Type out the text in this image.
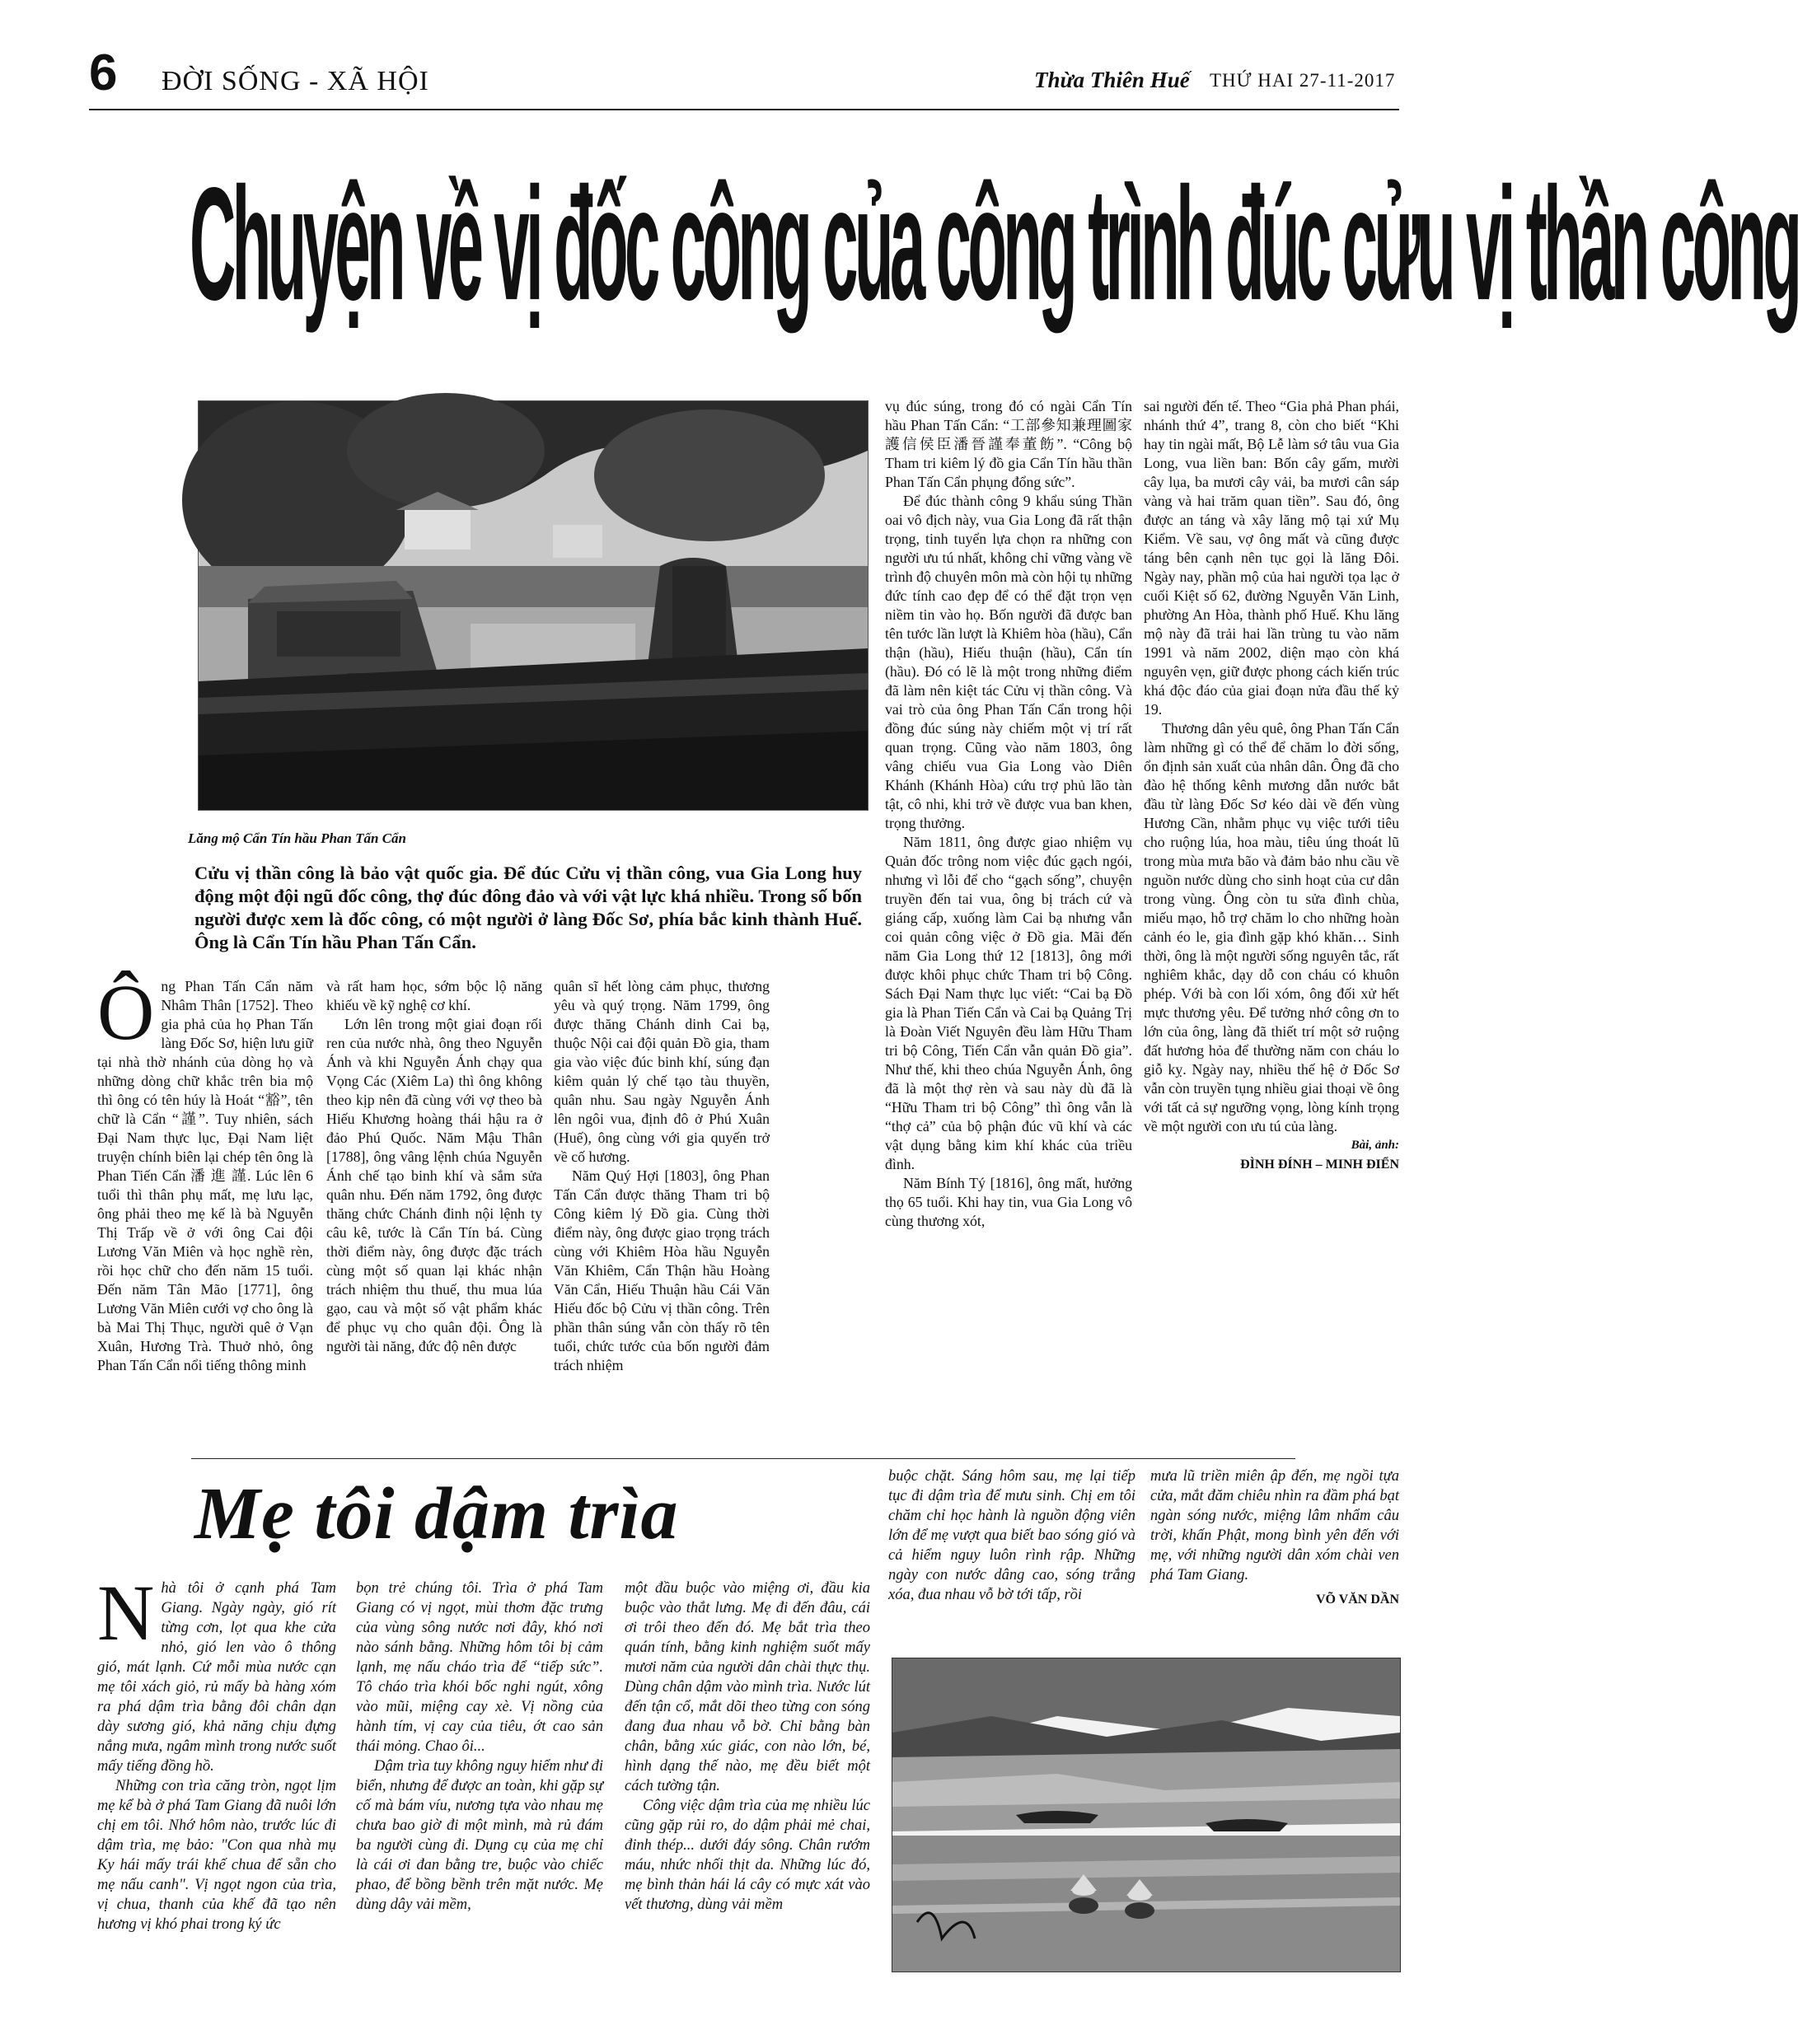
6 ĐỜI SỐNG - XÃ HỘI	Thừa Thiên Huế THỨ HAI 27-11-2017
Chuyện về vị đốc công của công trình đúc cửu vị thần công
Lăng mộ Cẩn Tín hầu Phan Tấn Cẩn
Cửu vị thần công là bảo vật quốc gia. Để đúc Cửu vị thần công, vua Gia Long huy động một đội ngũ đốc công, thợ đúc đông đảo và với vật lực khá nhiều. Trong số bốn người được xem là đốc công, có một người ở làng Đốc Sơ, phía bắc kinh thành Huế. Ông là Cẩn Tín hầu Phan Tấn Cẩn.
Ô ng Phan Tấn Cẩn năm Nhâm Thân [1752]. Theo gia phả của họ Phan Tấn làng Đốc Sơ, hiện lưu giữ tại nhà thờ nhánh của dòng họ và những dòng chữ khắc trên bia mộ thì ông có tên húy là Hoát “豁”, tên chữ là Cẩn “謹”. Tuy nhiên, sách Đại Nam thực lục, Đại Nam liệt truyện chính biên lại chép tên ông là Phan Tiến Cẩn 潘 進 謹. Lúc lên 6 tuổi thì thân phụ mất, mẹ lưu lạc, ông phải theo mẹ kế là bà Nguyễn Thị Trấp về ở với ông Cai đội Lương Văn Miên và học nghề rèn, rồi học chữ cho đến năm 15 tuổi. Đến năm Tân Mão [1771], ông Lương Văn Miên cưới vợ cho ông là bà Mai Thị Thục, người quê ở Vạn Xuân, Hương Trà. Thuở nhỏ, ông Phan Tấn Cẩn nổi tiếng thông minh

và rất ham học, sớm bộc lộ năng khiếu về kỹ nghệ cơ khí.

Lớn lên trong một giai đoạn rối ren của nước nhà, ông theo Nguyễn Ánh và khi Nguyễn Ánh chạy qua Vọng Các (Xiêm La) thì ông không theo kịp nên đã cùng với vợ theo bà Hiếu Khương hoàng thái hậu ra ở đảo Phú Quốc. Năm Mậu Thân [1788], ông vâng lệnh chúa Nguyễn Ánh chế tạo binh khí và sắm sửa quân nhu. Đến năm 1792, ông được thăng chức Chánh đinh nội lệnh ty câu kê, tước là Cẩn Tín bá. Cùng thời điểm này, ông được đặc trách cùng một số quan lại khác nhận trách nhiệm thu thuế, thu mua lúa gạo, cau và một số vật phẩm khác để phục vụ cho quân đội. Ông là người tài năng, đức độ nên được

quân sĩ hết lòng cảm phục, thương yêu và quý trọng. Năm 1799, ông được thăng Chánh dinh Cai bạ, thuộc Nội cai đội quản Đồ gia, tham gia vào việc đúc binh khí, súng đạn kiêm quản lý chế tạo tàu thuyền, quân nhu. Sau ngày Nguyễn Ánh lên ngôi vua, định đô ở Phú Xuân (Huế), ông cùng với gia quyến trở về cố hương.

Năm Quý Hợi [1803], ông Phan Tấn Cẩn được thăng Tham tri bộ Công kiêm lý Đồ gia. Cùng thời điểm này, ông được giao trọng trách cùng với Khiêm Hòa hầu Nguyễn Văn Khiêm, Cẩn Thận hầu Hoàng Văn Cẩn, Hiếu Thuận hầu Cái Văn Hiếu đốc bộ Cửu vị thần công. Trên phần thân súng vẫn còn thấy rõ tên tuổi, chức tước của bốn người đảm trách nhiệm

vụ đúc súng, trong đó có ngài Cẩn Tín hầu Phan Tấn Cẩn: “工部參知兼理圖家護信侯臣潘晉謹奉董飭”. “Công bộ Tham tri kiêm lý đồ gia Cẩn Tín hầu thần Phan Tấn Cẩn phụng đổng sức”.

Để đúc thành công 9 khẩu súng Thần oai vô địch này, vua Gia Long đã rất thận trọng, tinh tuyển lựa chọn ra những con người ưu tú nhất, không chỉ vững vàng về trình độ chuyên môn mà còn hội tụ những đức tính cao đẹp để có thể đặt trọn vẹn niềm tin vào họ. Bốn người đã được ban tên tước lần lượt là Khiêm hòa (hầu), Cẩn thận (hầu), Hiếu thuận (hầu), Cẩn tín (hầu). Đó có lẽ là một trong những điểm đã làm nên kiệt tác Cửu vị thần công. Và vai trò của ông Phan Tấn Cẩn trong hội đồng đúc súng này chiếm một vị trí rất quan trọng. Cũng vào năm 1803, ông vâng chiếu vua Gia Long vào Diên Khánh (Khánh Hòa) cứu trợ phủ lão tàn tật, cô nhi, khi trở về được vua ban khen, trọng thưởng.

Năm 1811, ông được giao nhiệm vụ Quản đốc trông nom việc đúc gạch ngói, nhưng vì lỗi để cho “gạch sống”, chuyện truyền đến tai vua, ông bị trách cứ và giáng cấp, xuống làm Cai bạ nhưng vẫn coi quản công việc ở Đồ gia. Mãi đến năm Gia Long thứ 12 [1813], ông mới được khôi phục chức Tham tri bộ Công. Sách Đại Nam thực lục viết: “Cai bạ Đồ gia là Phan Tiến Cẩn và Cai bạ Quảng Trị là Đoàn Viết Nguyên đều làm Hữu Tham tri bộ Công, Tiến Cẩn vẫn quản Đồ gia”. Như thế, khi theo chúa Nguyễn Ánh, ông đã là một thợ rèn và sau này dù đã là “Hữu Tham tri bộ Công” thì ông vẫn là “thợ cả” của bộ phận đúc vũ khí và các vật dụng bằng kim khí khác của triều đình.

Năm Bính Tý [1816], ông mất, hưởng thọ 65 tuổi. Khi hay tin, vua Gia Long vô cùng thương xót,

sai người đến tế. Theo “Gia phả Phan phái, nhánh thứ 4”, trang 8, còn cho biết “Khi hay tin ngài mất, Bộ Lễ làm sớ tâu vua Gia Long, vua liền ban: Bốn cây gấm, mười cây lụa, ba mươi cây vải, ba mươi cân sáp vàng và hai trăm quan tiền”. Sau đó, ông được an táng và xây lăng mộ tại xứ Mụ Kiểm. Về sau, vợ ông mất và cũng được táng bên cạnh nên tục gọi là lăng Đôi. Ngày nay, phần mộ của hai người tọa lạc ở cuối Kiệt số 62, đường Nguyễn Văn Linh, phường An Hòa, thành phố Huế. Khu lăng mộ này đã trải hai lần trùng tu vào năm 1991 và năm 2002, diện mạo còn khá nguyên vẹn, giữ được phong cách kiến trúc khá độc đáo của giai đoạn nửa đầu thế kỷ 19.

Thương dân yêu quê, ông Phan Tấn Cẩn làm những gì có thể để chăm lo đời sống, ổn định sản xuất của nhân dân. Ông đã cho đào hệ thống kênh mương dẫn nước bắt đầu từ làng Đốc Sơ kéo dài về đến vùng Hương Cần, nhằm phục vụ việc tưới tiêu cho ruộng lúa, hoa màu, tiêu úng thoát lũ trong mùa mưa bão và đảm bảo nhu cầu về nguồn nước dùng cho sinh hoạt của cư dân trong vùng. Ông còn tu sửa đình chùa, miếu mạo, hỗ trợ chăm lo cho những hoàn cảnh éo le, gia đình gặp khó khăn… Sinh thời, ông là một người sống nguyên tắc, rất nghiêm khắc, dạy dỗ con cháu có khuôn phép. Với bà con lối xóm, ông đối xử hết mực thương yêu. Để tưởng nhớ công ơn to lớn của ông, làng đã thiết trí một sở ruộng đất hương hỏa để thường năm con cháu lo giỗ kỵ. Ngày nay, nhiều thế hệ ở Đốc Sơ vẫn còn truyền tụng nhiều giai thoại về ông với tất cả sự ngưỡng vọng, lòng kính trọng về một người con ưu tú của làng.

Bài, ảnh:
ĐÌNH ĐÍNH – MINH ĐIỂN
Mẹ tôi dậm trìa
N hà tôi ở cạnh phá Tam Giang. Ngày ngày, gió rít từng cơn, lọt qua khe cửa nhỏ, gió len vào ô thông gió, mát lạnh. Cứ mỗi mùa nước cạn mẹ tôi xách giỏ, rủ mấy bà hàng xóm ra phá dậm trìa bằng đôi chân dạn dày sương gió, khả năng chịu đựng nắng mưa, ngâm mình trong nước suốt mấy tiếng đồng hồ.

Những con trìa căng tròn, ngọt lịm mẹ kể bà ở phá Tam Giang đã nuôi lớn chị em tôi. Nhớ hôm nào, trước lúc đi dậm trìa, mẹ bảo: "Con qua nhà mụ Ky hái mấy trái khế chua để sẵn cho mẹ nấu canh". Vị ngọt ngon của trìa, vị chua, thanh của khế đã tạo nên hương vị khó phai trong ký ức

bọn trẻ chúng tôi. Trìa ở phá Tam Giang có vị ngọt, mùi thơm đặc trưng của vùng sông nước nơi đây, khó nơi nào sánh bằng. Những hôm tôi bị cảm lạnh, mẹ nấu cháo trìa để “tiếp sức”. Tô cháo trìa khói bốc nghi ngút, xông vào mũi, miệng cay xè. Vị nồng của hành tím, vị cay của tiêu, ớt cao sản thái mỏng. Chao ôi...

Dậm trìa tuy không nguy hiểm như đi biển, nhưng để được an toàn, khi gặp sự cố mà bám víu, nương tựa vào nhau mẹ chưa bao giờ đi một mình, mà rủ đám ba người cùng đi. Dụng cụ của mẹ chỉ là cái ơi đan bằng tre, buộc vào chiếc phao, để bồng bềnh trên mặt nước. Mẹ dùng dây vải mềm,

một đầu buộc vào miệng ơi, đầu kia buộc vào thắt lưng. Mẹ đi đến đâu, cái ơi trôi theo đến đó. Mẹ bắt trìa theo quán tính, bằng kinh nghiệm suốt mấy mươi năm của người dân chài thực thụ. Dùng chân dậm vào mình trìa. Nước lút đến tận cổ, mắt dõi theo từng con sóng đang đua nhau vỗ bờ. Chỉ bằng bàn chân, bằng xúc giác, con nào lớn, bé, hình dạng thế nào, mẹ đều biết một cách tường tận.

Công việc dậm trìa của mẹ nhiều lúc cũng gặp rủi ro, do dậm phải mẻ chai, đinh thép... dưới đáy sông. Chân rướm máu, nhức nhối thịt da. Những lúc đó, mẹ bình thản hái lá cây có mực xát vào vết thương, dùng vải mềm

buộc chặt. Sáng hôm sau, mẹ lại tiếp tục đi dậm trìa để mưu sinh. Chị em tôi chăm chỉ học hành là nguồn động viên lớn để mẹ vượt qua biết bao sóng gió và cả hiểm nguy luôn rình rập. Những ngày con nước dâng cao, sóng trắng xóa, đua nhau vỗ bờ tới tấp, rồi

mưa lũ triền miên ập đến, mẹ ngồi tựa cửa, mắt đăm chiêu nhìn ra đầm phá bạt ngàn sóng nước, miệng lâm nhẩm câu trời, khấn Phật, mong bình yên đến với mẹ, với những người dân xóm chài ven phá Tam Giang.

VÕ VĂN DẦN
